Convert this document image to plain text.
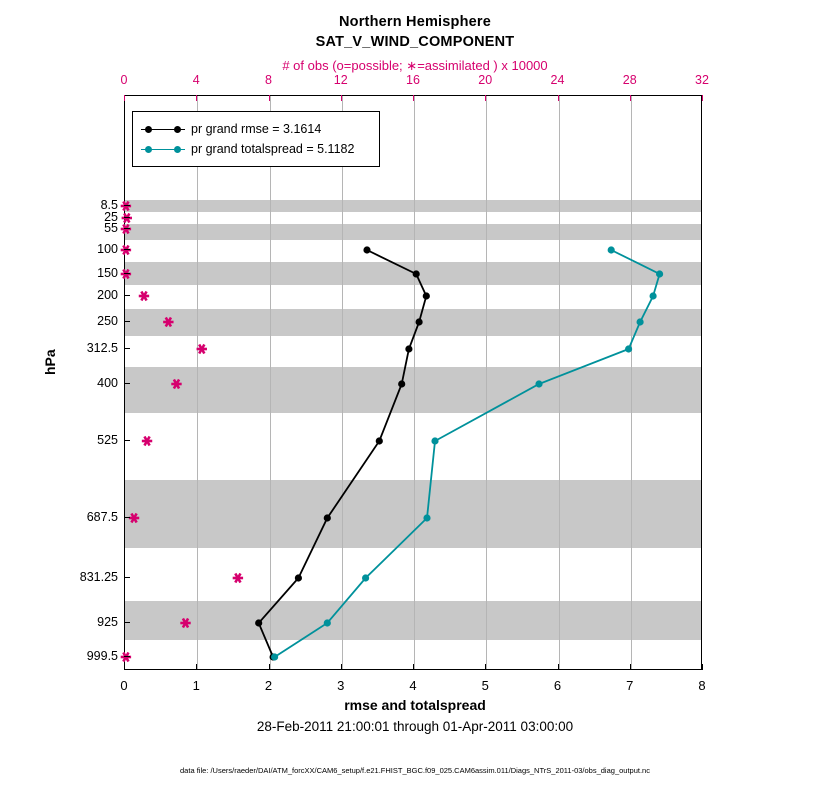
Northern Hemisphere
SAT_V_WIND_COMPONENT
# of obs (o=possible; ∗=assimilated ) x 10000
0	4	8	12	16	20	24	28	32
0	1	2	3	4	5	6	7	8
8.5
25
55
100
150
200
250
312.5
400
525
687.5
831.25
925
999.5
hPa
rmse and totalspread
28-Feb-2011 21:00:01 through 01-Apr-2011 03:00:00
data file: /Users/raeder/DAI/ATM_forcXX/CAM6_setup/f.e21.FHIST_BGC.f09_025.CAM6assim.011/Diags_NTrS_2011-03/obs_diag_output.nc
pr grand rmse = 3.1614
pr grand totalspread = 5.1182
